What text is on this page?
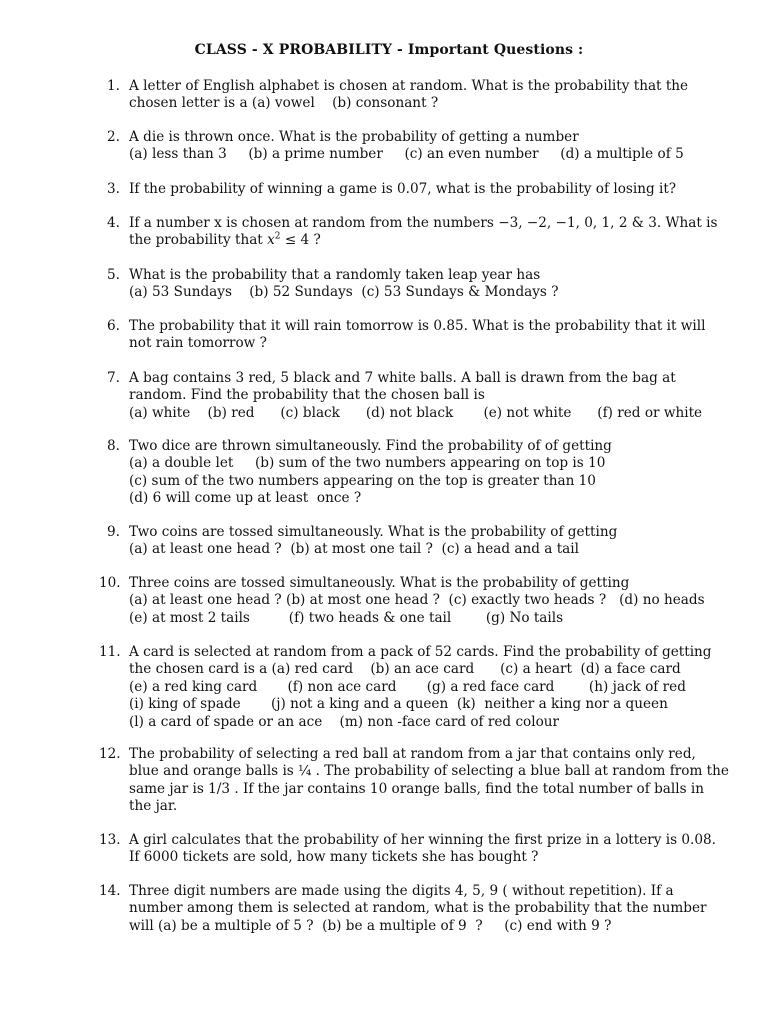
CLASS - X PROBABILITY - Important Questions :
1. A letter of English alphabet is chosen at random. What is the probability that the
chosen letter is a (a) vowel    (b) consonant ?
2. A die is thrown once. What is the probability of getting a number
(a) less than 3     (b) a prime number     (c) an even number     (d) a multiple of 5
3. If the probability of winning a game is 0.07, what is the probability of losing it?
4. If a number x is chosen at random from the numbers −3, −2, −1, 0, 1, 2 & 3. What is
the probability that $x^2 \le 4$ ?
5. What is the probability that a randomly taken leap year has
(a) 53 Sundays    (b) 52 Sundays  (c) 53 Sundays & Mondays ?
6. The probability that it will rain tomorrow is 0.85. What is the probability that it will
not rain tomorrow ?
7. A bag contains 3 red, 5 black and 7 white balls. A ball is drawn from the bag at
random. Find the probability that the chosen ball is
(a) white    (b) red      (c) black      (d) not black       (e) not white      (f) red or white
8. Two dice are thrown simultaneously. Find the probability of of getting
(a) a double let     (b) sum of the two numbers appearing on top is 10
(c) sum of the two numbers appearing on the top is greater than 10
(d) 6 will come up at least  once ?
9. Two coins are tossed simultaneously. What is the probability of getting
(a) at least one head ?  (b) at most one tail ?  (c) a head and a tail
10. Three coins are tossed simultaneously. What is the probability of getting
(a) at least one head ? (b) at most one head ?  (c) exactly two heads ?   (d) no heads
(e) at most 2 tails         (f) two heads & one tail        (g) No tails
11. A card is selected at random from a pack of 52 cards. Find the probability of getting
the chosen card is a (a) red card    (b) an ace card      (c) a heart  (d) a face card
(e) a red king card       (f) non ace card       (g) a red face card        (h) jack of red
(i) king of spade       (j) not a king and a queen  (k)  neither a king nor a queen
(l) a card of spade or an ace    (m) non -face card of red colour
12. The probability of selecting a red ball at random from a jar that contains only red,
blue and orange balls is ¼ . The probability of selecting a blue ball at random from the
same jar is 1/3 . If the jar contains 10 orange balls, find the total number of balls in
the jar.
13. A girl calculates that the probability of her winning the first prize in a lottery is 0.08.
If 6000 tickets are sold, how many tickets she has bought ?
14. Three digit numbers are made using the digits 4, 5, 9 ( without repetition). If a
number among them is selected at random, what is the probability that the number
will (a) be a multiple of 5 ?  (b) be a multiple of 9  ?     (c) end with 9 ?
